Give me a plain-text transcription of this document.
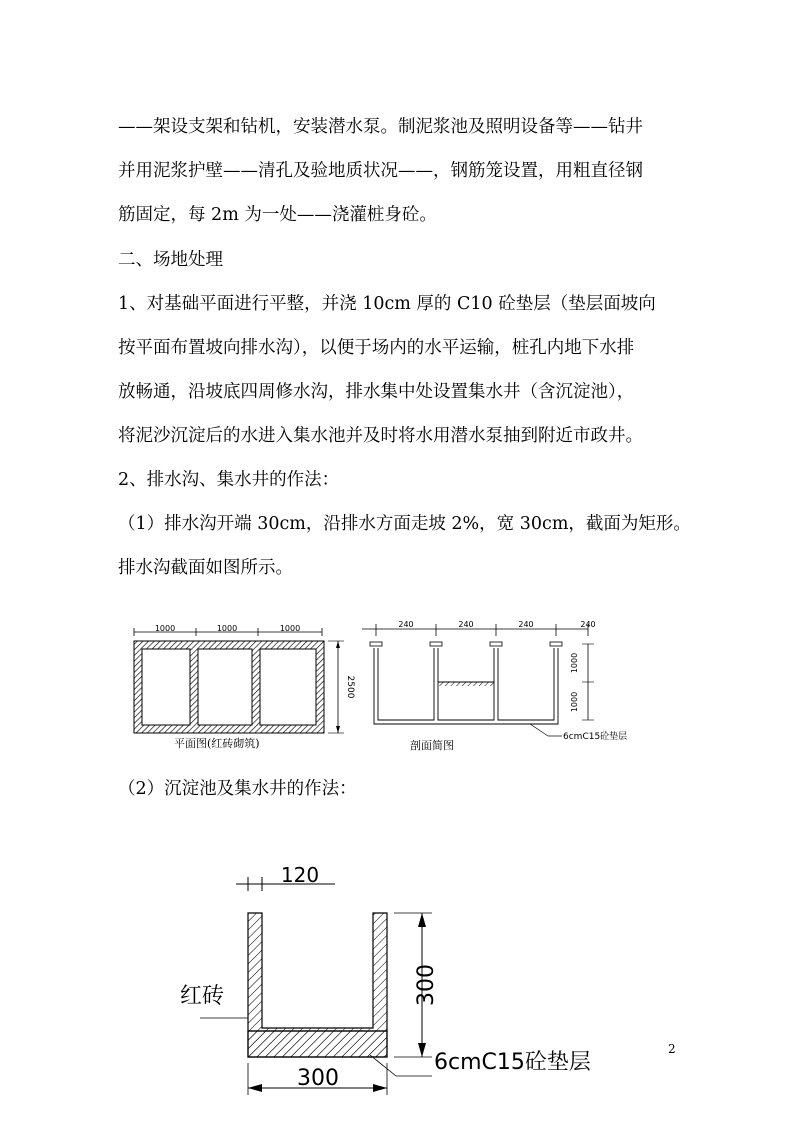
——架设支架和钻机，安装潜水泵。制泥浆池及照明设备等——钻井

并用泥浆护壁——清孔及验地质状况——，钢筋笼设置，用粗直径钢

筋固定，每 2m 为一处——浇灌桩身砼。

二、场地处理

1、对基础平面进行平整，并浇 10cm 厚的 C10 砼垫层（垫层面坡向

按平面布置坡向排水沟），以便于场内的水平运输，桩孔内地下水排

放畅通，沿坡底四周修水沟，排水集中处设置集水井（含沉淀池），

将泥沙沉淀后的水进入集水池并及时将水用潜水泵抽到附近市政井。

2、排水沟、集水井的作法：

（1）排水沟开端 30cm，沿排水方面走坡 2%，宽 30cm，截面为矩形。

排水沟截面如图所示。

1000	1000	1000
2500
平面图(红砖砌筑)
240	240	240	240
1000
1000
6cmC15砼垫层
剖面简图

（2）沉淀池及集水井的作法：

120
300
红砖
6cmC15砼垫层
300
2
